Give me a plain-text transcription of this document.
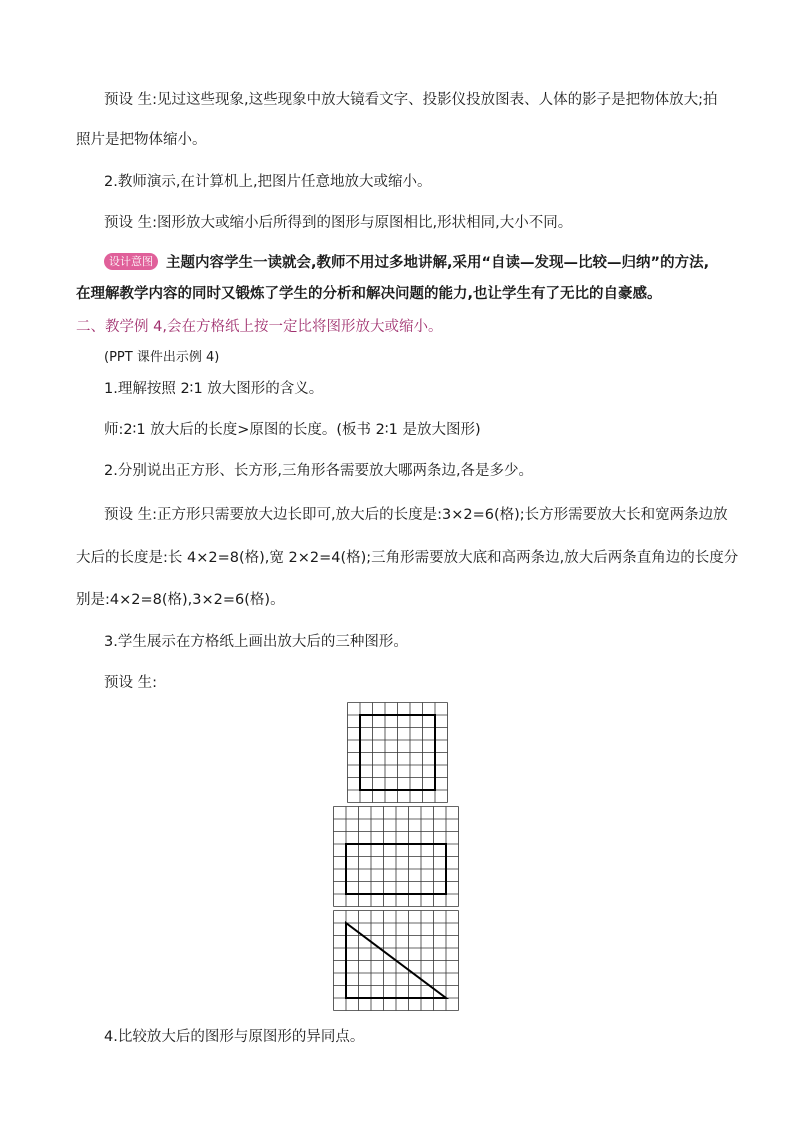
预设 生:见过这些现象,这些现象中放大镜看文字、投影仪投放图表、人体的影子是把物体放大;拍
照片是把物体缩小。
2.教师演示,在计算机上,把图片任意地放大或缩小。
预设 生:图形放大或缩小后所得到的图形与原图相比,形状相同,大小不同。
设计意图 主题内容学生一读就会,教师不用过多地讲解,采用“自读—发现—比较—归纳”的方法,
在理解教学内容的同时又锻炼了学生的分析和解决问题的能力,也让学生有了无比的自豪感。
二、教学例 4,会在方格纸上按一定比将图形放大或缩小。
(PPT 课件出示例 4)
1.理解按照 2∶1 放大图形的含义。
师:2∶1 放大后的长度>原图的长度。(板书 2∶1 是放大图形)
2.分别说出正方形、长方形,三角形各需要放大哪两条边,各是多少。
预设 生:正方形只需要放大边长即可,放大后的长度是:3×2=6(格);长方形需要放大长和宽两条边放
大后的长度是:长 4×2=8(格),宽 2×2=4(格);三角形需要放大底和高两条边,放大后两条直角边的长度分
别是:4×2=8(格),3×2=6(格)。
3.学生展示在方格纸上画出放大后的三种图形。
预设 生:
4.比较放大后的图形与原图形的异同点。
